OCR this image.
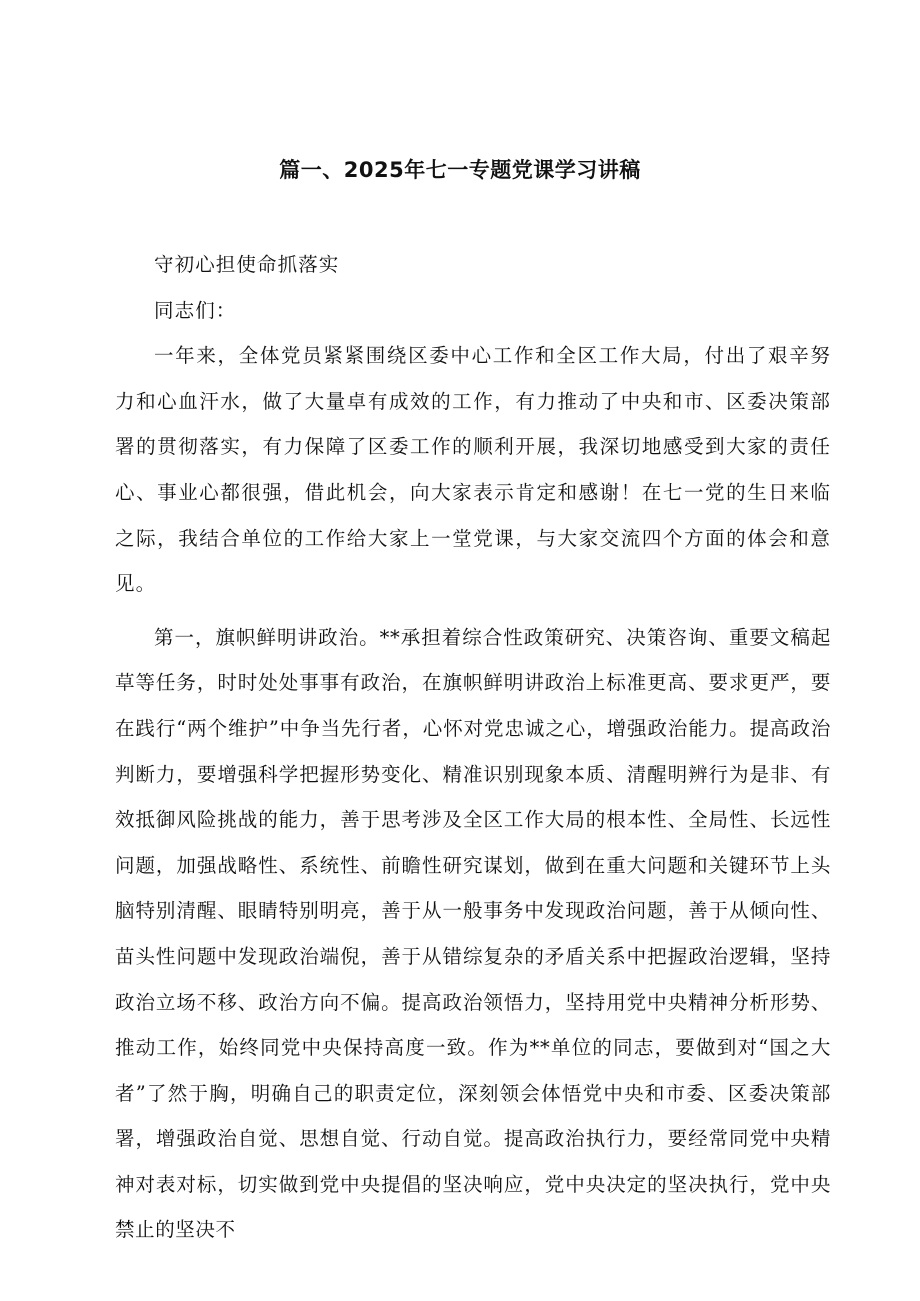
篇一、2025年七一专题党课学习讲稿

守初心担使命抓落实

同志们：

一年来，全体党员紧紧围绕区委中心工作和全区工作大局，付出了艰辛努力和心血汗水，做了大量卓有成效的工作，有力推动了中央和市、区委决策部署的贯彻落实，有力保障了区委工作的顺利开展，我深切地感受到大家的责任心、事业心都很强，借此机会，向大家表示肯定和感谢！在七一党的生日来临之际，我结合单位的工作给大家上一堂党课，与大家交流四个方面的体会和意见。

第一，旗帜鲜明讲政治。**承担着综合性政策研究、决策咨询、重要文稿起草等任务，时时处处事事有政治，在旗帜鲜明讲政治上标准更高、要求更严，要在践行“两个维护”中争当先行者，心怀对党忠诚之心，增强政治能力。提高政治判断力，要增强科学把握形势变化、精准识别现象本质、清醒明辨行为是非、有效抵御风险挑战的能力，善于思考涉及全区工作大局的根本性、全局性、长远性问题，加强战略性、系统性、前瞻性研究谋划，做到在重大问题和关键环节上头脑特别清醒、眼睛特别明亮，善于从一般事务中发现政治问题，善于从倾向性、苗头性问题中发现政治端倪，善于从错综复杂的矛盾关系中把握政治逻辑，坚持政治立场不移、政治方向不偏。提高政治领悟力，坚持用党中央精神分析形势、推动工作，始终同党中央保持高度一致。作为**单位的同志，要做到对“国之大者”了然于胸，明确自己的职责定位，深刻领会体悟党中央和市委、区委决策部署，增强政治自觉、思想自觉、行动自觉。提高政治执行力，要经常同党中央精神对表对标，切实做到党中央提倡的坚决响应，党中央决定的坚决执行，党中央禁止的坚决不
